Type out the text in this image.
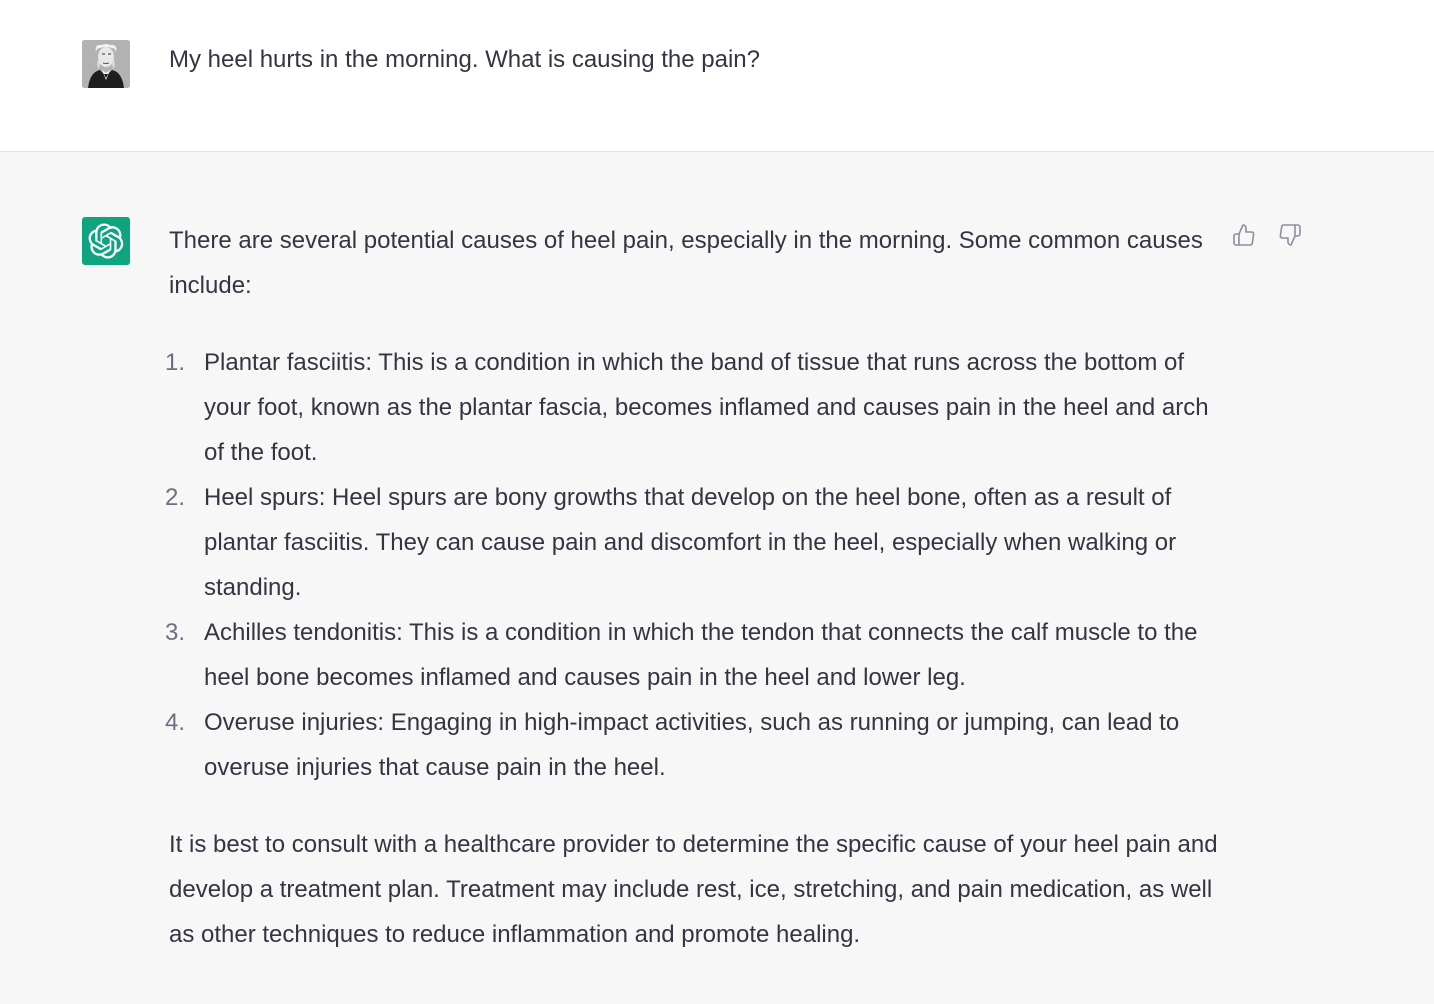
My heel hurts in the morning. What is causing the pain?

There are several potential causes of heel pain, especially in the morning. Some common causes include:

1. Plantar fasciitis: This is a condition in which the band of tissue that runs across the bottom of your foot, known as the plantar fascia, becomes inflamed and causes pain in the heel and arch of the foot.
2. Heel spurs: Heel spurs are bony growths that develop on the heel bone, often as a result of plantar fasciitis. They can cause pain and discomfort in the heel, especially when walking or standing.
3. Achilles tendonitis: This is a condition in which the tendon that connects the calf muscle to the heel bone becomes inflamed and causes pain in the heel and lower leg.
4. Overuse injuries: Engaging in high-impact activities, such as running or jumping, can lead to overuse injuries that cause pain in the heel.

It is best to consult with a healthcare provider to determine the specific cause of your heel pain and develop a treatment plan. Treatment may include rest, ice, stretching, and pain medication, as well as other techniques to reduce inflammation and promote healing.
